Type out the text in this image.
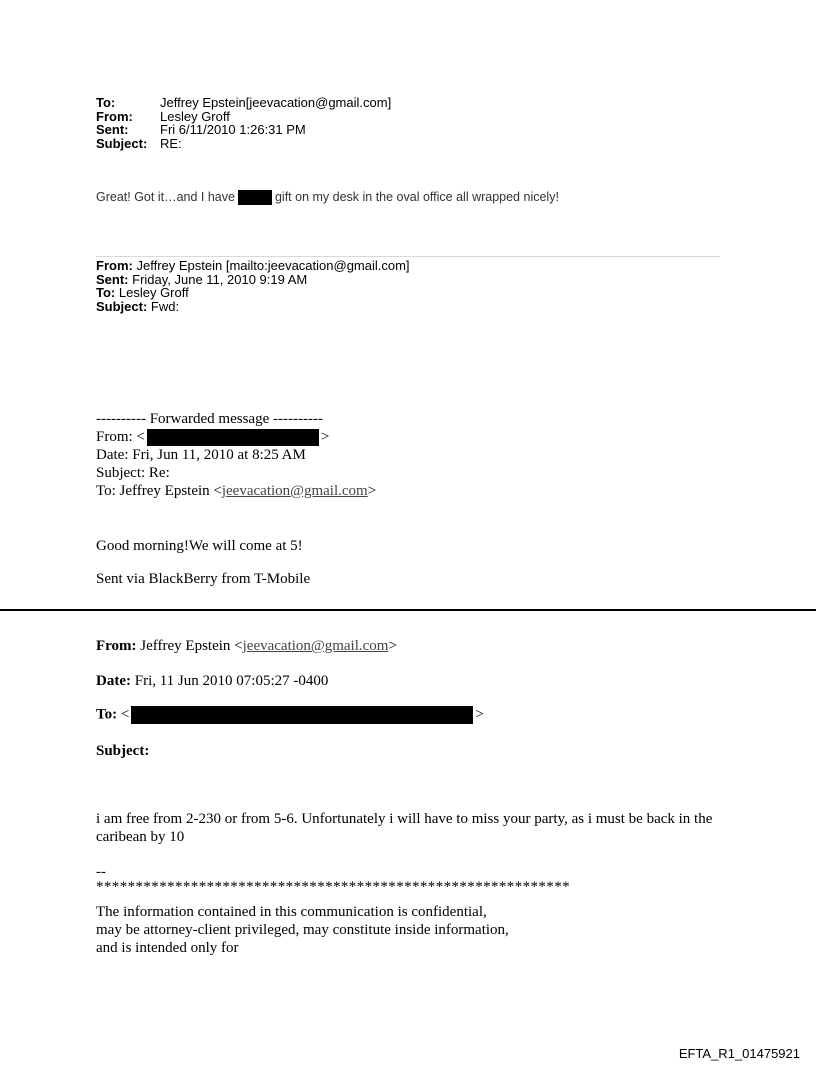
To:	Jeffrey Epstein[jeevacation@gmail.com]
From:	Lesley Groff
Sent:	Fri 6/11/2010 1:26:31 PM
Subject: RE:
Great! Got it…and I have	gift on my desk in the oval office all wrapped nicely!
From: Jeffrey Epstein [mailto:jeevacation@gmail.com]
Sent: Friday, June 11, 2010 9:19 AM
To: Lesley Groff
Subject: Fwd:
---------- Forwarded message ----------
From: <	>
Date: Fri, Jun 11, 2010 at 8:25 AM
Subject: Re:
To: Jeffrey Epstein <jeevacation@gmail.com>
Good morning!We will come at 5!
Sent via BlackBerry from T-Mobile
From: Jeffrey Epstein <jeevacation@gmail.com>
Date: Fri, 11 Jun 2010 07:05:27 -0400
To: <	>
Subject:
i am free from 2-230 or from 5-6. Unfortunately i will have to miss your party, as i must be back in the caribean by 10
--
************************************************************
The information contained in this communication is confidential, may be attorney-client privileged, may constitute inside information, and is intended only for
EFTA_R1_01475921
